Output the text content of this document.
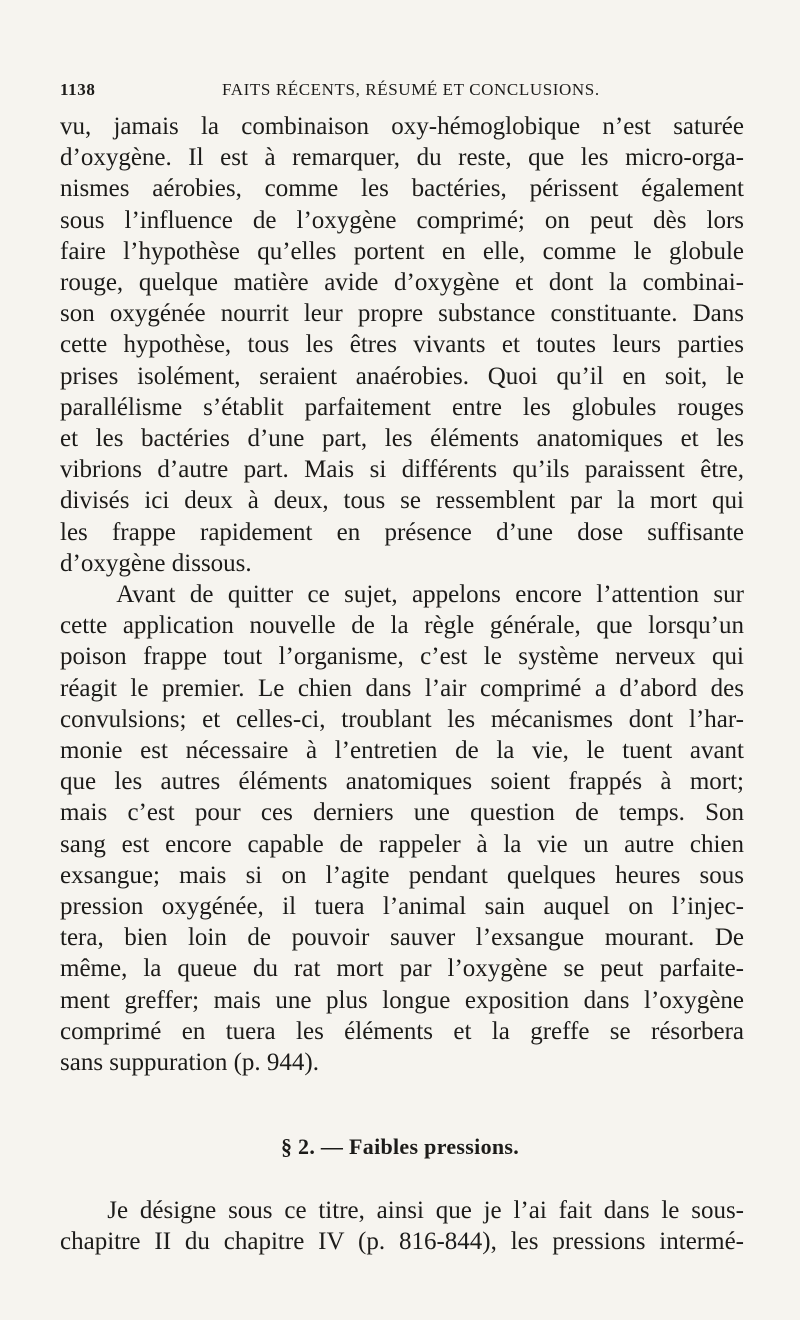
1138	FAITS RÉCENTS, RÉSUMÉ ET CONCLUSIONS.
vu, jamais la combinaison oxy-hémoglobique n’est saturée
d’oxygène. Il est à remarquer, du reste, que les micro-orga-
nismes aérobies, comme les bactéries, périssent également
sous l’influence de l’oxygène comprimé; on peut dès lors
faire l’hypothèse qu’elles portent en elle, comme le globule
rouge, quelque matière avide d’oxygène et dont la combinai-
son oxygénée nourrit leur propre substance constituante. Dans
cette hypothèse, tous les êtres vivants et toutes leurs parties
prises isolément, seraient anaérobies. Quoi qu’il en soit, le
parallélisme s’établit parfaitement entre les globules rouges
et les bactéries d’une part, les éléments anatomiques et les
vibrions d’autre part. Mais si différents qu’ils paraissent être,
divisés ici deux à deux, tous se ressemblent par la mort qui
les frappe rapidement en présence d’une dose suffisante
d’oxygène dissous.
Avant de quitter ce sujet, appelons encore l’attention sur
cette application nouvelle de la règle générale, que lorsqu’un
poison frappe tout l’organisme, c’est le système nerveux qui
réagit le premier. Le chien dans l’air comprimé a d’abord des
convulsions; et celles-ci, troublant les mécanismes dont l’har-
monie est nécessaire à l’entretien de la vie, le tuent avant
que les autres éléments anatomiques soient frappés à mort;
mais c’est pour ces derniers une question de temps. Son
sang est encore capable de rappeler à la vie un autre chien
exsangue; mais si on l’agite pendant quelques heures sous
pression oxygénée, il tuera l’animal sain auquel on l’injec-
tera, bien loin de pouvoir sauver l’exsangue mourant. De
même, la queue du rat mort par l’oxygène se peut parfaite-
ment greffer; mais une plus longue exposition dans l’oxygène
comprimé en tuera les éléments et la greffe se résorbera
sans suppuration (p. 944).
§ 2. — Faibles pressions.
Je désigne sous ce titre, ainsi que je l’ai fait dans le sous-
chapitre II du chapitre IV (p. 816-844), les pressions intermé-
